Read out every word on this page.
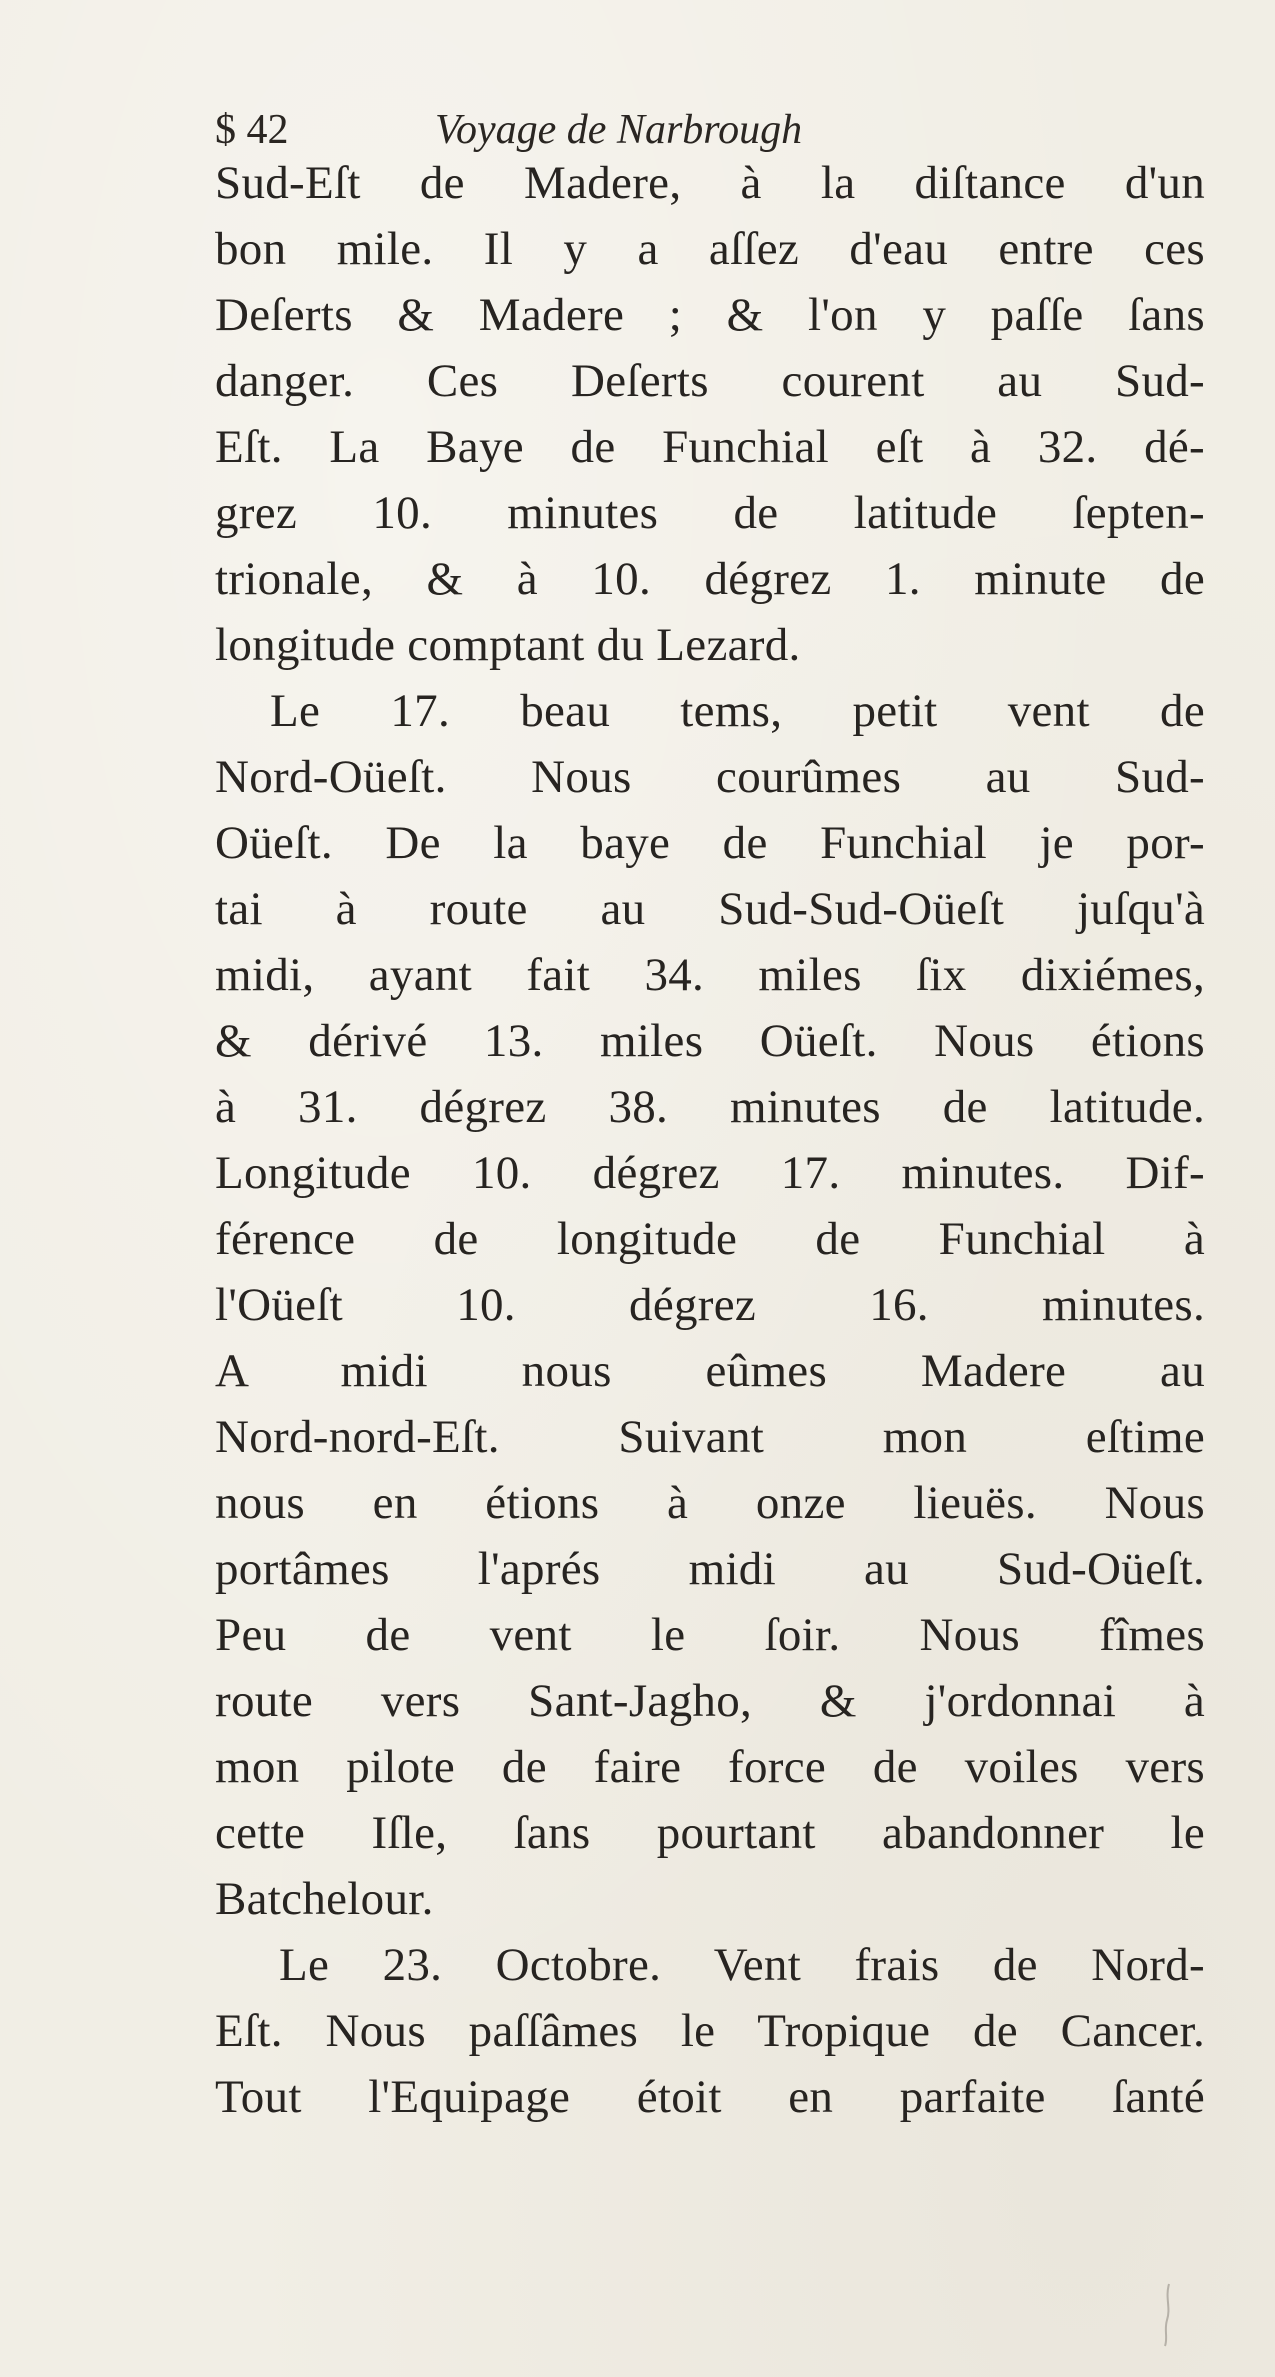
$ 42	Voyage de Narbrough
Sud-Eſt de Madere, à la diſtance d'un
bon mile. Il y a aſſez d'eau entre ces
Deſerts & Madere ; & l'on y paſſe ſans
danger. Ces Deſerts courent au Sud-
Eſt. La Baye de Funchial eſt à 32. dé-
grez 10. minutes de latitude ſepten-
trionale, & à 10. dégrez 1. minute de
longitude comptant du Lezard.
Le 17. beau tems, petit vent de
Nord-Oüeſt. Nous courûmes au Sud-
Oüeſt. De la baye de Funchial je por-
tai à route au Sud-Sud-Oüeſt juſqu'à
midi, ayant fait 34. miles ſix dixiémes,
& dérivé 13. miles Oüeſt. Nous étions
à 31. dégrez 38. minutes de latitude.
Longitude 10. dégrez 17. minutes. Dif-
férence de longitude de Funchial à
l'Oüeſt 10. dégrez 16. minutes.
A midi nous eûmes Madere au
Nord-nord-Eſt. Suivant mon eſtime
nous en étions à onze lieuës. Nous
portâmes l'aprés midi au Sud-Oüeſt.
Peu de vent le ſoir. Nous fîmes
route vers Sant-Jagho, & j'ordonnai à
mon pilote de faire force de voiles vers
cette Iſle, ſans pourtant abandonner le
Batchelour.
Le 23. Octobre. Vent frais de Nord-
Eſt. Nous paſſâmes le Tropique de Cancer.
Tout l'Equipage étoit en parfaite ſanté
